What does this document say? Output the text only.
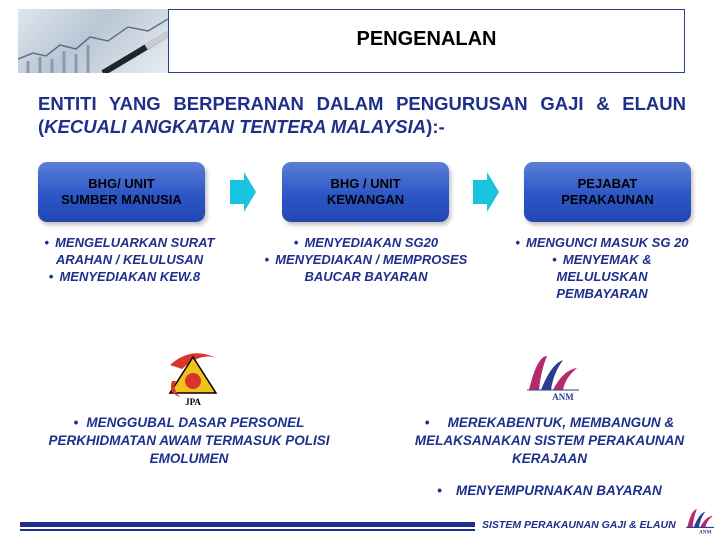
PENGENALAN
ENTITI YANG BERPERANAN DALAM PENGURUSAN GAJI & ELAUN (KECUALI ANGKATAN TENTERA MALAYSIA):-
BHG/ UNIT
SUMBER MANUSIA
BHG / UNIT
KEWANGAN
PEJABAT
PERAKAUNAN
• MENGELUARKAN SURAT ARAHAN / KELULUSAN
• MENYEDIAKAN KEW.8
• MENYEDIAKAN SG20
• MENYEDIAKAN / MEMPROSES BAUCAR BAYARAN
• MENGUNCI MASUK SG 20
• MENYEMAK & MELULUSKAN PEMBAYARAN
JPA	ANM
• MENGGUBAL DASAR PERSONEL PERKHIDMATAN AWAM TERMASUK POLISI EMOLUMEN
• MEREKABENTUK, MEMBANGUN & MELAKSANAKAN SISTEM PERAKAUNAN KERAJAAN
• MENYEMPURNAKAN BAYARAN
SISTEM PERAKAUNAN GAJI & ELAUN
ANM
